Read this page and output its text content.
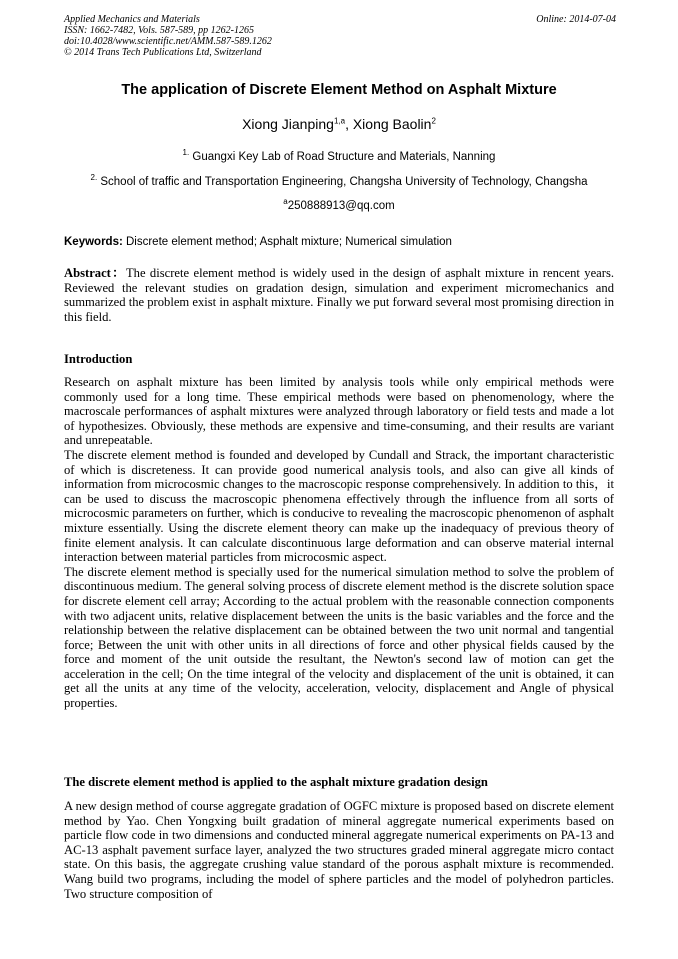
Applied Mechanics and Materials
ISSN: 1662-7482, Vols. 587-589, pp 1262-1265
doi:10.4028/www.scientific.net/AMM.587-589.1262
© 2014 Trans Tech Publications Ltd, Switzerland
Online: 2014-07-04
The application of Discrete Element Method on Asphalt Mixture
Xiong Jianping$^{1,a}$, Xiong Baolin$^2$
$^{1.}$ Guangxi Key Lab of Road Structure and Materials, Nanning
$^{2.}$ School of traffic and Transportation Engineering, Changsha University of Technology, Changsha
$^a$250888913@qq.com
Keywords: Discrete element method; Asphalt mixture; Numerical simulation

Abstract：The discrete element method is widely used in the design of asphalt mixture in rencent years. Reviewed the relevant studies on gradation design, simulation and experiment micromechanics and summarized the problem exist in asphalt mixture. Finally we put forward several most promising direction in this field.

Introduction

Research on asphalt mixture has been limited by analysis tools while only empirical methods were commonly used for a long time. These empirical methods were based on phenomenology, where the macroscale performances of asphalt mixtures were analyzed through laboratory or field tests and made a lot of hypothesizes. Obviously, these methods are expensive and time-consuming, and their results are variant and unrepeatable.

The discrete element method is founded and developed by Cundall and Strack, the important characteristic of which is discreteness. It can provide good numerical analysis tools, and also can give all kinds of information from microcosmic changes to the macroscopic response comprehensively. In addition to this，it can be used to discuss the macroscopic phenomena effectively through the influence from all sorts of microcosmic parameters on further, which is conducive to revealing the macroscopic phenomenon of asphalt mixture essentially. Using the discrete element theory can make up the inadequacy of previous theory of finite element analysis. It can calculate discontinuous large deformation and can observe material internal interaction between material particles from microcosmic aspect.

The discrete element method is specially used for the numerical simulation method to solve the problem of discontinuous medium. The general solving process of discrete element method is the discrete solution space for discrete element cell array; According to the actual problem with the reasonable connection components with two adjacent units, relative displacement between the units is the basic variables and the force and the relationship between the relative displacement can be obtained between the two unit normal and tangential force; Between the unit with other units in all directions of force and other physical fields caused by the force and moment of the unit outside the resultant, the Newton's second law of motion can get the acceleration in the cell; On the time integral of the velocity and displacement of the unit is obtained, it can get all the units at any time of the velocity, acceleration, velocity, displacement and Angle of physical properties.

The discrete element method is applied to the asphalt mixture gradation design

A new design method of course aggregate gradation of OGFC mixture is proposed based on discrete element method by Yao. Chen Yongxing built gradation of mineral aggregate numerical experiments based on particle flow code in two dimensions and conducted mineral aggregate numerical experiments on PA-13 and AC-13 asphalt pavement surface layer, analyzed the two structures graded mineral aggregate micro contact state. On this basis, the aggregate crushing value standard of the porous asphalt mixture is recommended. Wang build two programs, including the model of sphere particles and the model of polyhedron particles. Two structure composition of
